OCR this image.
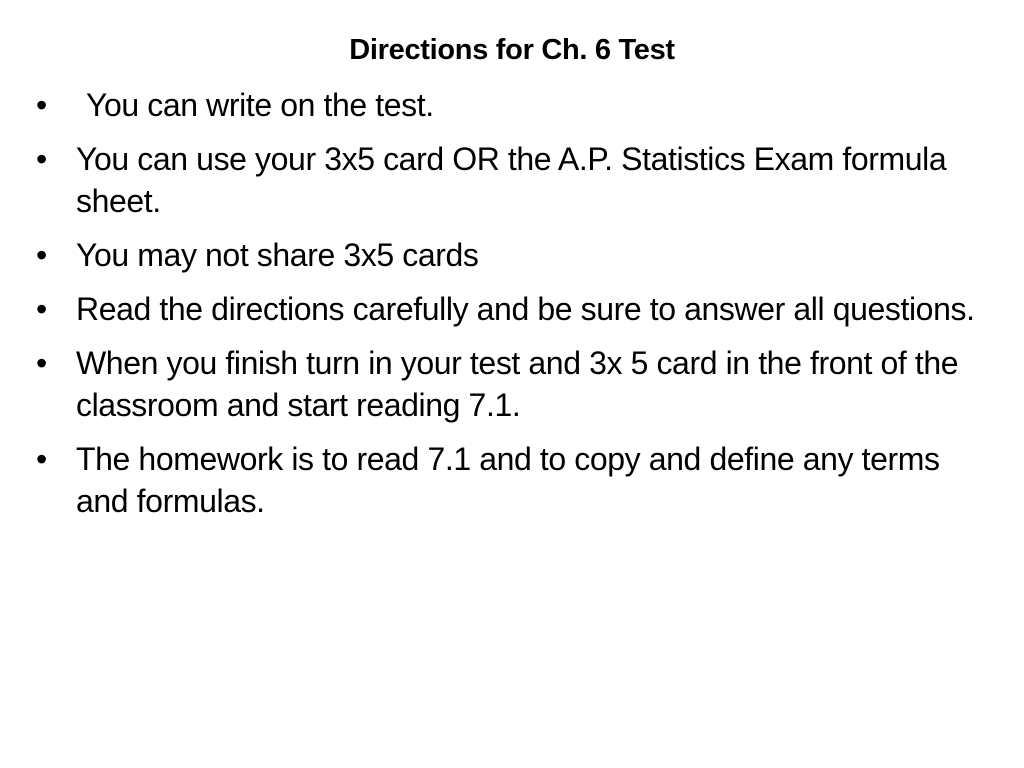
Directions for Ch. 6 Test
• You can write on the test.
• You can use your 3x5 card OR the A.P. Statistics Exam formula sheet.
• You may not share 3x5 cards
• Read the directions carefully and be sure to answer all questions.
• When you finish turn in your test and 3x 5 card in the front of the classroom and start reading 7.1.
• The homework is to read 7.1 and to copy and define any terms and formulas.
